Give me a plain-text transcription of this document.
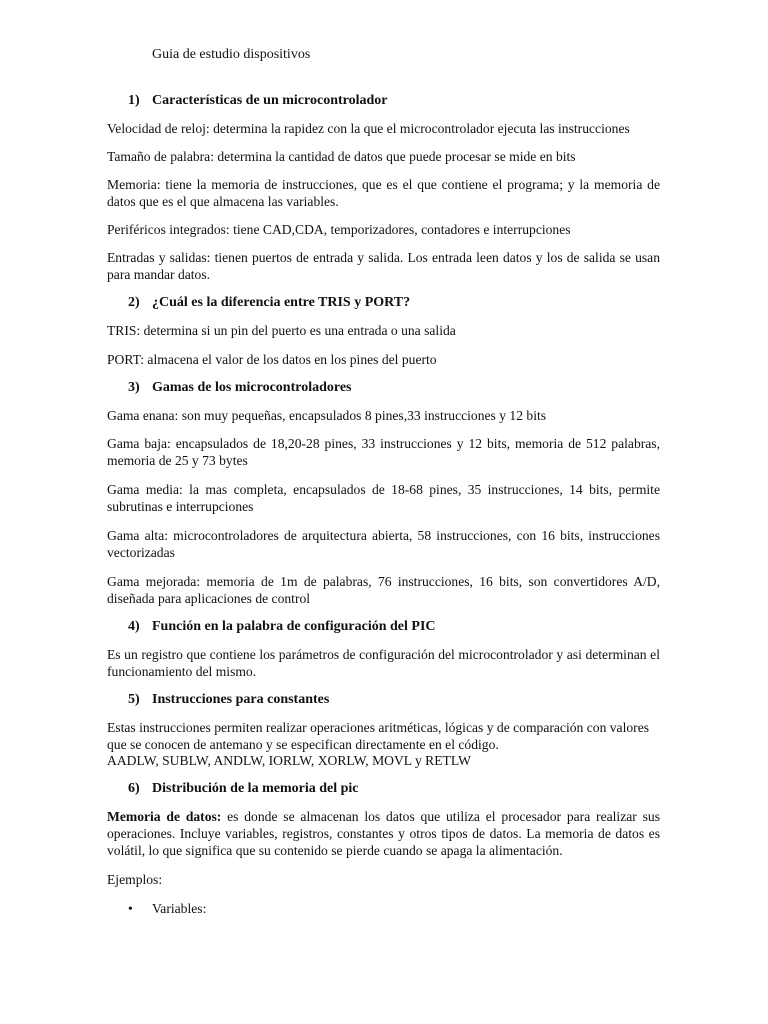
Guia de estudio dispositivos
1) Características de un microcontrolador
Velocidad de reloj: determina la rapidez con la que el microcontrolador ejecuta las instrucciones
Tamaño de palabra: determina la cantidad de datos que puede procesar se mide en bits
Memoria: tiene la memoria de instrucciones, que es el que contiene el programa; y la memoria de datos que es el que almacena las variables.
Periféricos integrados: tiene CAD,CDA, temporizadores, contadores e interrupciones
Entradas y salidas: tienen puertos de entrada y salida. Los entrada leen datos y los de salida se usan para mandar datos.
2) ¿Cuál es la diferencia entre TRIS y PORT?
TRIS: determina si un pin del puerto es una entrada o una salida
PORT: almacena el valor de los datos en los pines del puerto
3) Gamas de los microcontroladores
Gama enana: son muy pequeñas, encapsulados 8 pines,33 instrucciones y 12 bits
Gama baja: encapsulados de 18,20-28 pines, 33 instrucciones y 12 bits, memoria de 512 palabras, memoria de 25 y 73 bytes
Gama media: la mas completa, encapsulados de 18-68 pines, 35 instrucciones, 14 bits, permite subrutinas e interrupciones
Gama alta: microcontroladores de arquitectura abierta, 58 instrucciones, con 16 bits, instrucciones vectorizadas
Gama mejorada: memoria de 1m de palabras, 76 instrucciones, 16 bits, son convertidores A/D, diseñada para aplicaciones de control
4) Función en la palabra de configuración del PIC
Es un registro que contiene los parámetros de configuración del microcontrolador y asi determinan el funcionamiento del mismo.
5) Instrucciones para constantes
Estas instrucciones permiten realizar operaciones aritméticas, lógicas y de comparación con valores que se conocen de antemano y se especifican directamente en el código.
AADLW, SUBLW, ANDLW, IORLW, XORLW, MOVL y RETLW
6) Distribución de la memoria del pic
Memoria de datos: es donde se almacenan los datos que utiliza el procesador para realizar sus operaciones. Incluye variables, registros, constantes y otros tipos de datos. La memoria de datos es volátil, lo que significa que su contenido se pierde cuando se apaga la alimentación.
Ejemplos:
• Variables:
